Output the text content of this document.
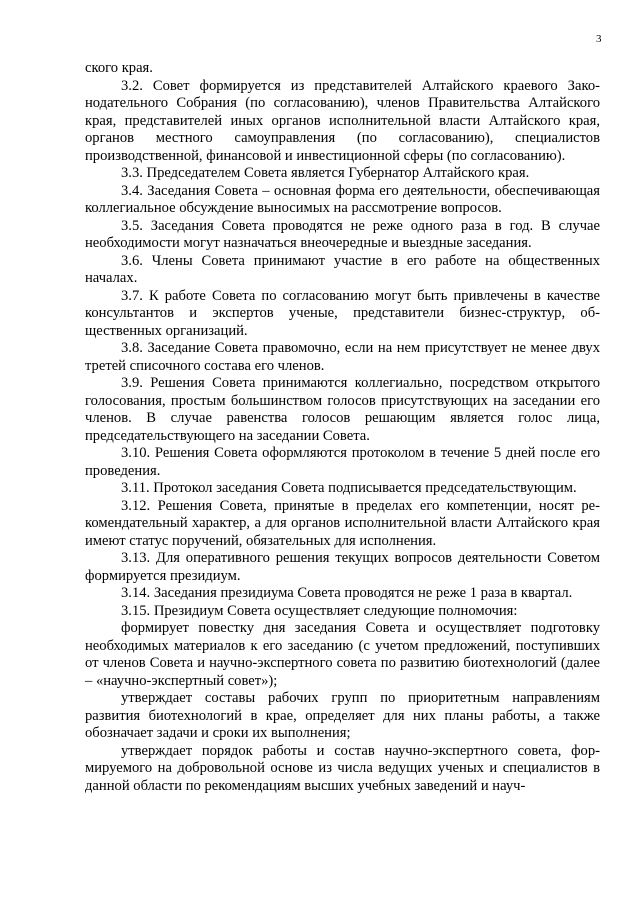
3

ского края.

3.2. Совет формируется из представителей Алтайского краевого Законодательного Собрания (по согласованию), членов Правительства Алтайского края, представителей иных органов исполнительной власти Алтайского края, органов местного самоуправления (по согласованию), специалистов производственной, финансовой и инвестиционной сферы (по согласованию).

3.3. Председателем Совета является Губернатор Алтайского края.

3.4. Заседания Совета – основная форма его деятельности, обеспечивающая коллегиальное обсуждение выносимых на рассмотрение вопросов.

3.5. Заседания Совета проводятся не реже одного раза в год. В случае необходимости могут назначаться внеочередные и выездные заседания.

3.6. Члены Совета принимают участие в его работе на общественных началах.

3.7. К работе Совета по согласованию могут быть привлечены в качестве консультантов и экспертов ученые, представители бизнес-структур, общественных организаций.

3.8. Заседание Совета правомочно, если на нем присутствует не менее двух третей списочного состава его членов.

3.9. Решения Совета принимаются коллегиально, посредством открытого голосования, простым большинством голосов присутствующих на заседании его членов. В случае равенства голосов решающим является голос лица, председательствующего на заседании Совета.

3.10. Решения Совета оформляются протоколом в течение 5 дней после его проведения.

3.11. Протокол заседания Совета подписывается председательствующим.

3.12. Решения Совета, принятые в пределах его компетенции, носят рекомендательный характер, а для органов исполнительной власти Алтайского края имеют статус поручений, обязательных для исполнения.

3.13. Для оперативного решения текущих вопросов деятельности Советом формируется президиум.

3.14. Заседания президиума Совета проводятся не реже 1 раза в квартал.

3.15. Президиум Совета осуществляет следующие полномочия:

формирует повестку дня заседания Совета и осуществляет подготовку необходимых материалов к его заседанию (с учетом предложений, поступивших от членов Совета и научно-экспертного совета по развитию биотехнологий (далее – «научно-экспертный совет»);

утверждает составы рабочих групп по приоритетным направлениям развития биотехнологий в крае, определяет для них планы работы, а также обозначает задачи и сроки их выполнения;

утверждает порядок работы и состав научно-экспертного совета, формируемого на добровольной основе из числа ведущих ученых и специалистов в данной области по рекомендациям высших учебных заведений и науч-
